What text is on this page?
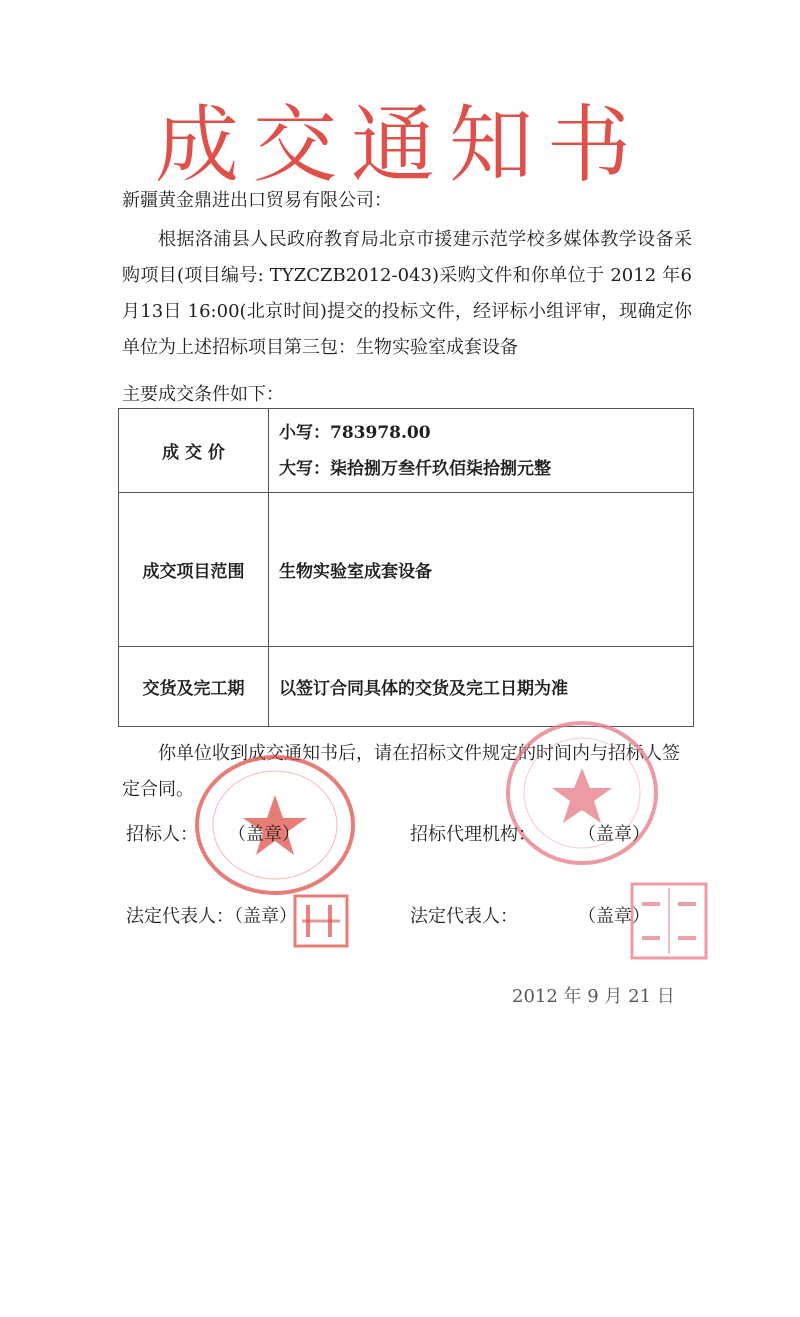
成交通知书
新疆黄金鼎进出口贸易有限公司：
根据洛浦县人民政府教育局北京市援建示范学校多媒体教学设备采购项目(项目编号: TYZCZB2012-043)采购文件和你单位于 2012 年6月13日 16:00(北京时间)提交的投标文件，经评标小组评审，现确定你单位为上述招标项目第三包：生物实验室成套设备
主要成交条件如下：
成 交 价	小写：783978.00
大写：柒拾捌万叁仟玖佰柒拾捌元整

成交项目范围	生物实验室成套设备
交货及完工期	以签订合同具体的交货及完工日期为准
你单位收到成交通知书后，请在招标文件规定的时间内与招标人签定合同。
招标人： （盖章）	招标代理机构： （盖章）
法定代表人：（盖章）	法定代表人：	（盖章）
2012 年 9 月 21 日
